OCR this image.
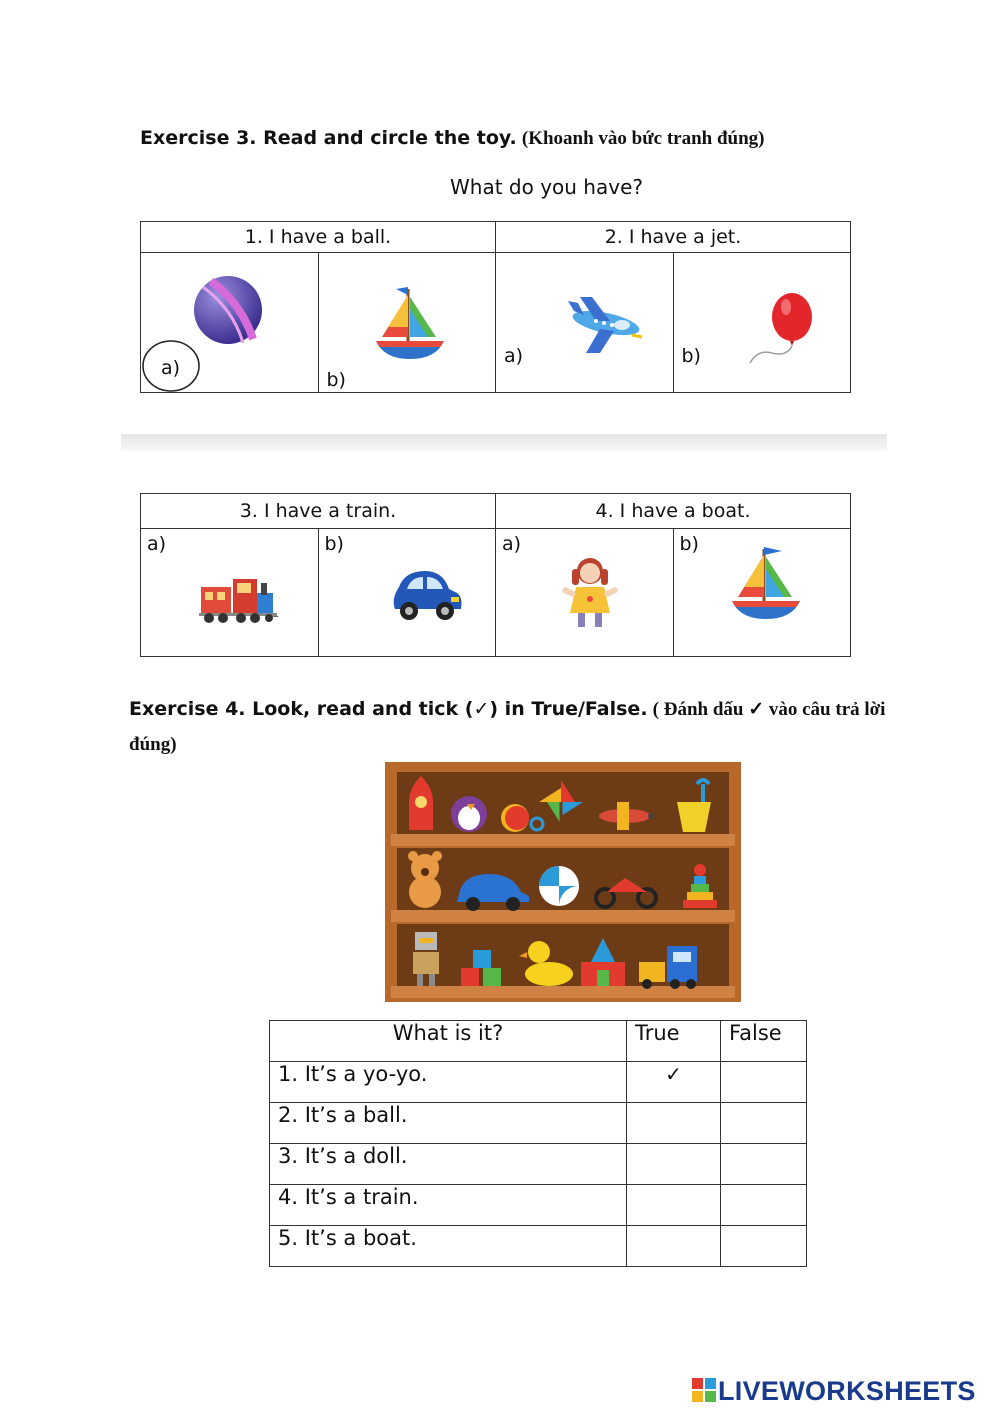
Exercise 3. Read and circle the toy. (Khoanh vào bức tranh đúng)
What do you have?
1. I have a ball.		2. I have a jet.	

a)	b)	a)	b)
3. I have a train.		4. I have a boat.	

a)	b)	a)	b)
Exercise 4. Look, read and tick (✓) in True/False. ( Đánh dấu ✓ vào câu trả lời
đúng)
What is it?	True	False
1. It’s a yo-yo.	✓	
2. It’s a ball.		
3. It’s a doll.		
4. It’s a train.		
5. It’s a boat.		
LIVEWORKSHEETS
